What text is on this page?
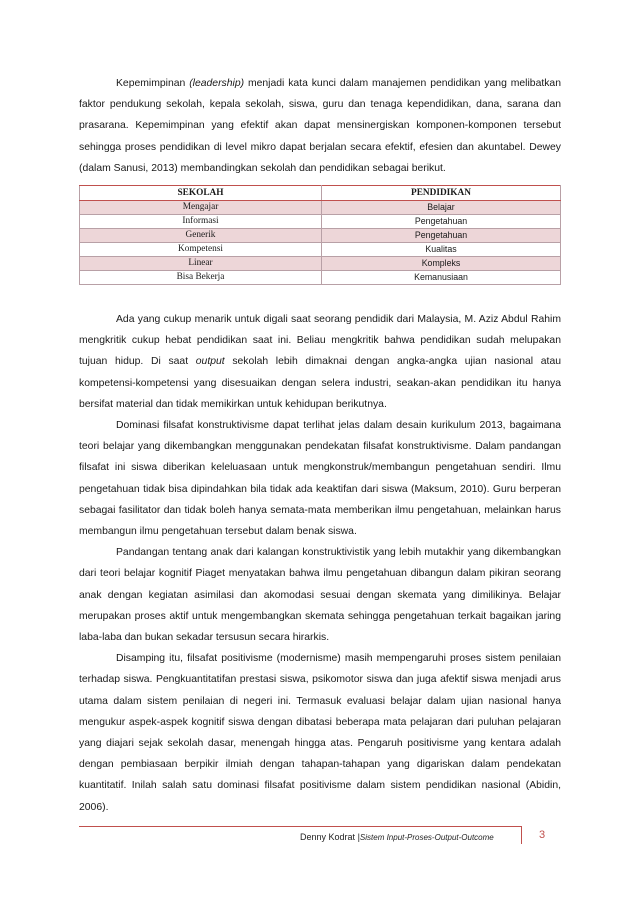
Kepemimpinan (leadership) menjadi kata kunci dalam manajemen pendidikan yang melibatkan faktor pendukung sekolah, kepala sekolah, siswa, guru dan tenaga kependidikan, dana, sarana dan prasarana. Kepemimpinan yang efektif akan dapat mensinergiskan komponen-komponen tersebut sehingga proses pendidikan di level mikro dapat berjalan secara efektif, efesien dan akuntabel. Dewey (dalam Sanusi, 2013) membandingkan sekolah dan pendidikan sebagai berikut.

SEKOLAH	PENDIDIKAN
Mengajar	Belajar
Informasi	Pengetahuan
Generik	Pengetahuan
Kompetensi	Kualitas
Linear	Kompleks
Bisa Bekerja	Kemanusiaan

Ada yang cukup menarik untuk digali saat seorang pendidik dari Malaysia, M. Aziz Abdul Rahim mengkritik cukup hebat pendidikan saat ini. Beliau mengkritik bahwa pendidikan sudah melupakan tujuan hidup. Di saat output sekolah lebih dimaknai dengan angka-angka ujian nasional atau kompetensi-kompetensi yang disesuaikan dengan selera industri, seakan-akan pendidikan itu hanya bersifat material dan tidak memikirkan untuk kehidupan berikutnya.

Dominasi filsafat konstruktivisme dapat terlihat jelas dalam desain kurikulum 2013, bagaimana teori belajar yang dikembangkan menggunakan pendekatan filsafat konstruktivisme. Dalam pandangan filsafat ini siswa diberikan keleluasaan untuk mengkonstruk/membangun pengetahuan sendiri. Ilmu pengetahuan tidak bisa dipindahkan bila tidak ada keaktifan dari siswa (Maksum, 2010). Guru berperan sebagai fasilitator dan tidak boleh hanya semata-mata memberikan ilmu pengetahuan, melainkan harus membangun ilmu pengetahuan tersebut dalam benak siswa.

Pandangan tentang anak dari kalangan konstruktivistik yang lebih mutakhir yang dikembangkan dari teori belajar kognitif Piaget menyatakan bahwa ilmu pengetahuan dibangun dalam pikiran seorang anak dengan kegiatan asimilasi dan akomodasi sesuai dengan skemata yang dimilikinya. Belajar merupakan proses aktif untuk mengembangkan skemata sehingga pengetahuan terkait bagaikan jaring laba-laba dan bukan sekadar tersusun secara hirarkis.

Disamping itu, filsafat positivisme (modernisme) masih mempengaruhi proses sistem penilaian terhadap siswa. Pengkuantitatifan prestasi siswa, psikomotor siswa dan juga afektif siswa menjadi arus utama dalam sistem penilaian di negeri ini. Termasuk evaluasi belajar dalam ujian nasional hanya mengukur aspek-aspek kognitif siswa dengan dibatasi beberapa mata pelajaran dari puluhan pelajaran yang diajari sejak sekolah dasar, menengah hingga atas. Pengaruh positivisme yang kentara adalah dengan pembiasaan berpikir ilmiah dengan tahapan-tahapan yang digariskan dalam pendekatan kuantitatif. Inilah salah satu dominasi filsafat positivisme dalam sistem pendidikan nasional (Abidin, 2006).

Denny Kodrat |Sistem Input-Proses-Output-Outcome	3
